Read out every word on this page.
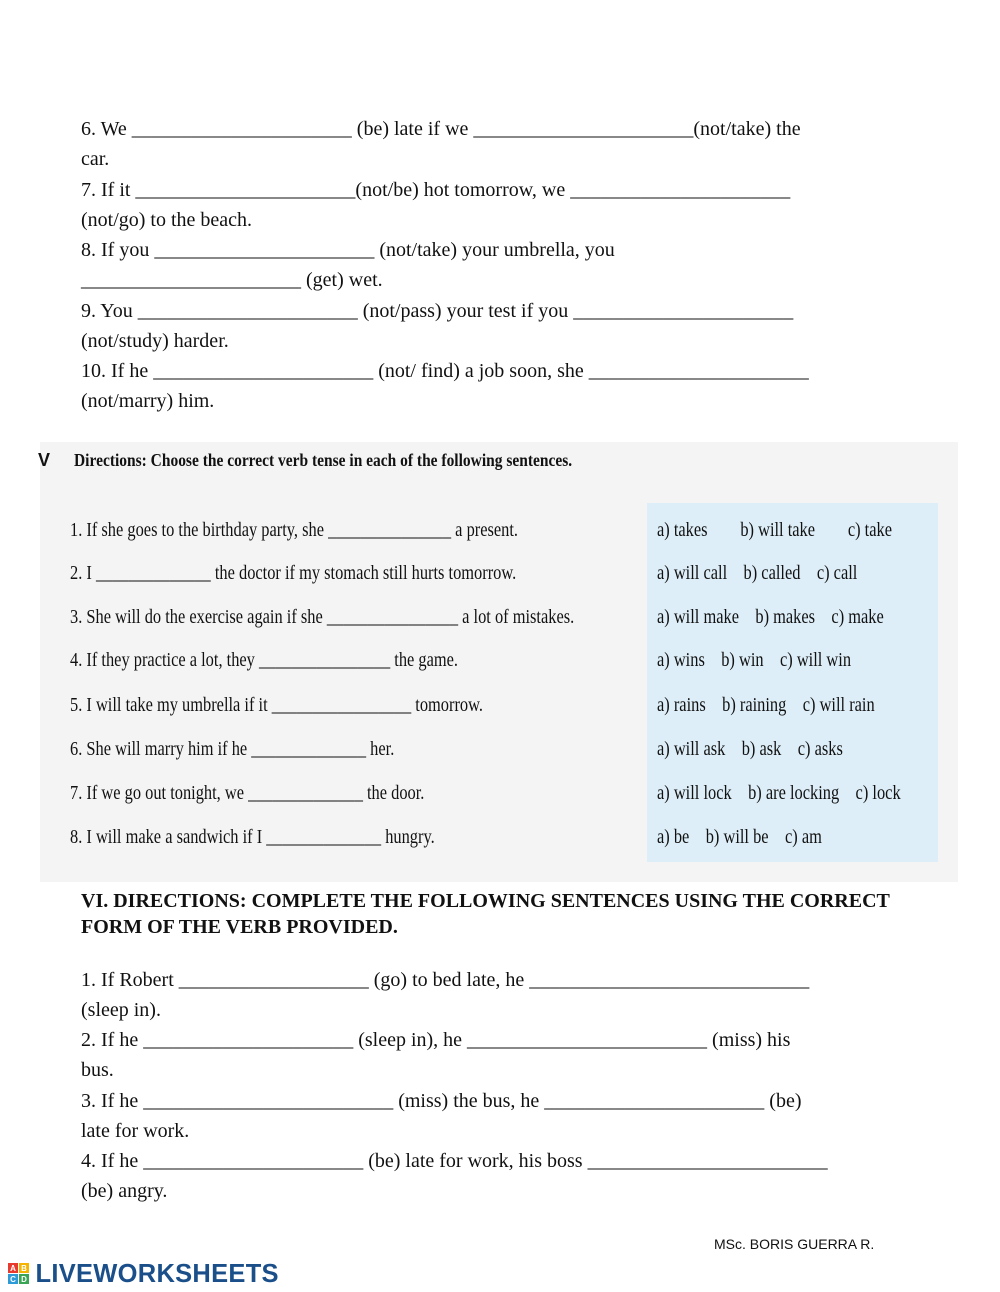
6. We ______________________ (be) late if we ______________________(not/take) the
car.
7. If it ______________________(not/be) hot tomorrow, we ______________________
(not/go) to the beach.
8. If you ______________________ (not/take) your umbrella, you
______________________ (get) wet.
9. You ______________________ (not/pass) your test if you ______________________
(not/study) harder.
10. If he ______________________ (not/ find) a job soon, she ______________________
(not/marry) him.
V Directions: Choose the correct verb tense in each of the following sentences.
1. If she goes to the birthday party, she _______________ a present.
2. I ______________ the doctor if my stomach still hurts tomorrow.
3. She will do the exercise again if she ________________ a lot of mistakes.
4. If they practice a lot, they ________________ the game.
5. I will take my umbrella if it _________________ tomorrow.
6. She will marry him if he ______________ her.
7. If we go out tonight, we ______________ the door.
8. I will make a sandwich if I ______________ hungry.
a) takes        b) will take        c) take
a) will call    b) called    c) call
a) will make    b) makes    c) make
a) wins    b) win    c) will win
a) rains    b) raining    c) will rain
a) will ask    b) ask    c) asks
a) will lock    b) are locking    c) lock
a) be    b) will be    c) am
VI. DIRECTIONS: COMPLETE THE FOLLOWING SENTENCES USING THE CORRECT FORM OF THE VERB PROVIDED.
1. If Robert ___________________ (go) to bed late, he ____________________________
(sleep in).
2. If he _____________________ (sleep in), he ________________________ (miss) his
bus.
3. If he _________________________ (miss) the bus, he ______________________ (be)
late for work.
4. If he ______________________ (be) late for work, his boss ________________________
(be) angry.
MSc. BORIS GUERRA R.
A B
C D LIVEWORKSHEETS
